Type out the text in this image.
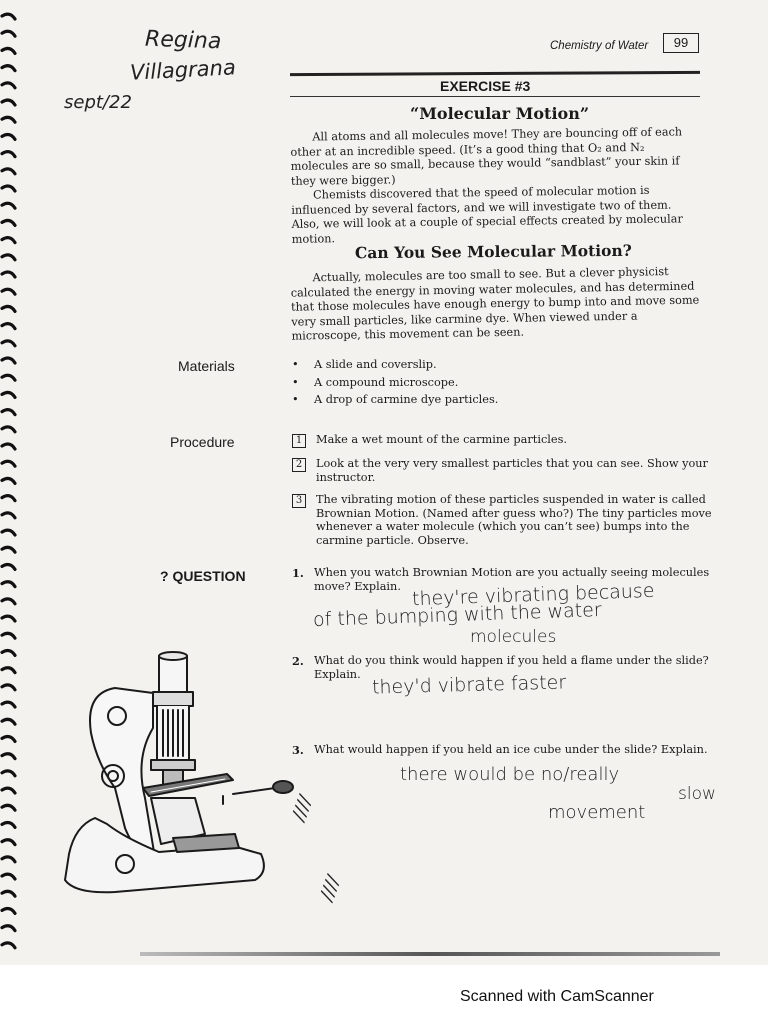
Regina
Villagrana
sept/22
Chemistry of Water	99
EXERCISE #3
“Molecular Motion”

All atoms and all molecules move! They are bouncing off of each other at an incredible speed. (It’s a good thing that O₂ and N₂ molecules are so small, because they would “sandblast” your skin if they were bigger.)

Chemists discovered that the speed of molecular motion is influenced by several factors, and we will investigate two of them. Also, we will look at a couple of special effects created by molecular motion.

Can You See Molecular Motion?

Actually, molecules are too small to see. But a clever physicist calculated the energy in moving water molecules, and has determined that those molecules have enough energy to bump into and move some very small particles, like carmine dye. When viewed under a microscope, this movement can be seen.

Materials
•	A slide and coverslip.
• A compound microscope.
• A drop of carmine dye particles.
Procedure	1	Make a wet mount of the carmine particles.
2	Look at the very very smallest particles that you can see. Show your instructor.
3	The vibrating motion of these particles suspended in water is called Brownian Motion. (Named after guess who?) The tiny particles move whenever a water molecule (which you can’t see) bumps into the carmine particle. Observe.
? QUESTION	1. When you watch Brownian Motion are you actually seeing molecules move? Explain. they're vibrating because
of the bumping with the water
molecules
2. What do you think would happen if you held a flame under the slide? Explain. they'd vibrate faster
3. What would happen if you held an ice cube under the slide? Explain.
there would be no/really
slow
movement
////
////
Scanned with CamScanner
